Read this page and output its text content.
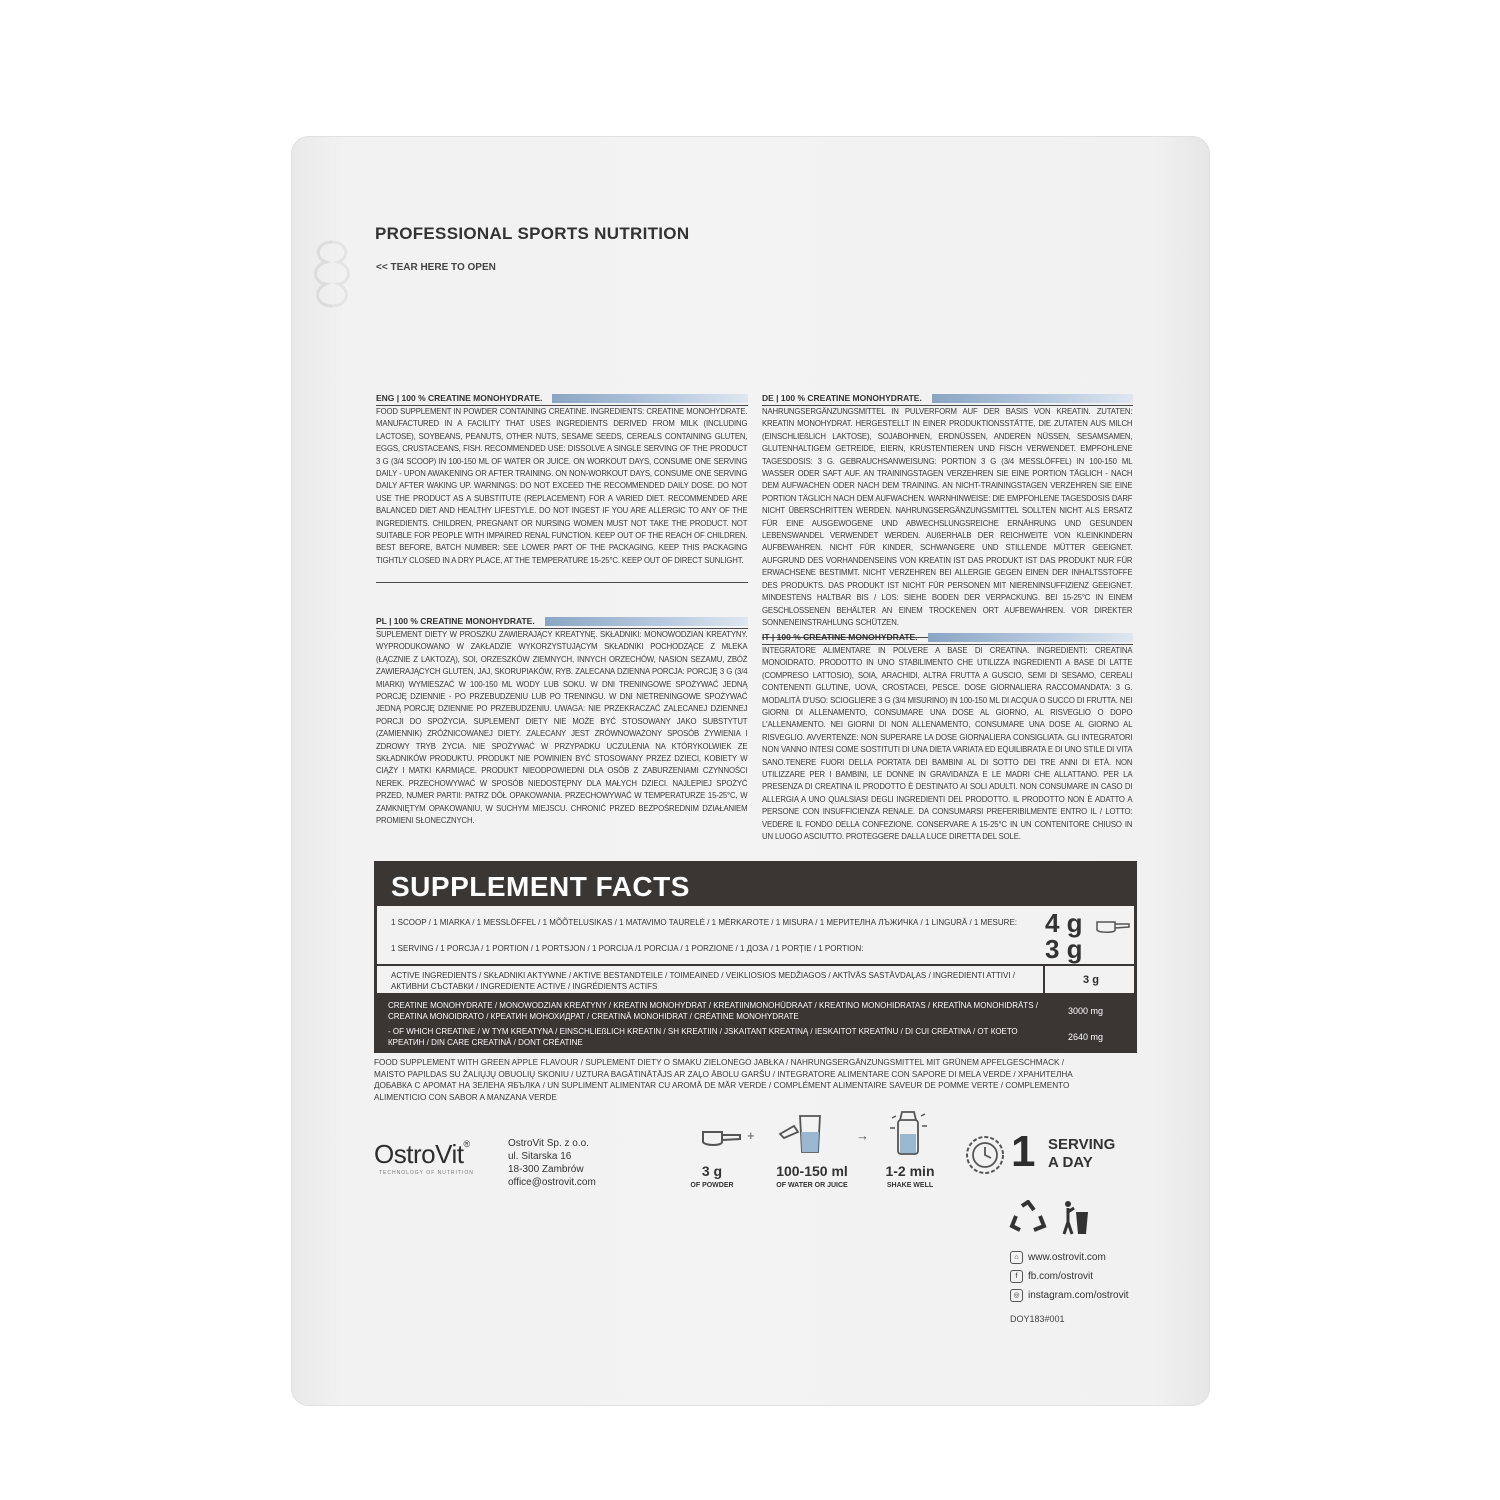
PROFESSIONAL SPORTS NUTRITION
<< TEAR HERE TO OPEN
ENG | 100 % CREATINE MONOHYDRATE.
FOOD SUPPLEMENT IN POWDER CONTAINING CREATINE. INGREDIENTS: CREATINE MONOHYDRATE. MANUFACTURED IN A FACILITY THAT USES INGREDIENTS DERIVED FROM MILK (INCLUDING LACTOSE), SOYBEANS, PEANUTS, OTHER NUTS, SESAME SEEDS, CEREALS CONTAINING GLUTEN, EGGS, CRUSTACEANS, FISH. RECOMMENDED USE: DISSOLVE A SINGLE SERVING OF THE PRODUCT 3 G (3/4 SCOOP) IN 100-150 ML OF WATER OR JUICE. ON WORKOUT DAYS, CONSUME ONE SERVING DAILY - UPON AWAKENING OR AFTER TRAINING. ON NON-WORKOUT DAYS, CONSUME ONE SERVING DAILY AFTER WAKING UP. WARNINGS: DO NOT EXCEED THE RECOMMENDED DAILY DOSE. DO NOT USE THE PRODUCT AS A SUBSTITUTE (REPLACEMENT) FOR A VARIED DIET. RECOMMENDED ARE BALANCED DIET AND HEALTHY LIFESTYLE. DO NOT INGEST IF YOU ARE ALLERGIC TO ANY OF THE INGREDIENTS. CHILDREN, PREGNANT OR NURSING WOMEN MUST NOT TAKE THE PRODUCT. NOT SUITABLE FOR PEOPLE WITH IMPAIRED RENAL FUNCTION. KEEP OUT OF THE REACH OF CHILDREN. BEST BEFORE, BATCH NUMBER: SEE LOWER PART OF THE PACKAGING. KEEP THIS PACKAGING TIGHTLY CLOSED IN A DRY PLACE, AT THE TEMPERATURE 15-25°C. KEEP OUT OF DIRECT SUNLIGHT.
DE | 100 % CREATINE MONOHYDRATE.
NAHRUNGSERGÄNZUNGSMITTEL IN PULVERFORM AUF DER BASIS VON KREATIN. ZUTATEN: KREATIN MONOHYDRAT. HERGESTELLT IN EINER PRODUKTIONSSTÄTTE, DIE ZUTATEN AUS MILCH (EINSCHLIEßLICH LAKTOSE), SOJABOHNEN, ERDNÜSSEN, ANDEREN NÜSSEN, SESAMSAMEN, GLUTENHALTIGEM GETREIDE, EIERN, KRUSTENTIEREN UND FISCH VERWENDET. EMPFOHLENE TAGESDOSIS: 3 G. GEBRAUCHSANWEISUNG: PORTION 3 G (3/4 MESSLÖFFEL) IN 100-150 ML WASSER ODER SAFT AUF. AN TRAININGSTAGEN VERZEHREN SIE EINE PORTION TÄGLICH - NACH DEM AUFWACHEN ODER NACH DEM TRAINING. AN NICHT-TRAININGSTAGEN VERZEHREN SIE EINE PORTION TÄGLICH NACH DEM AUFWACHEN. WARNHINWEISE: DIE EMPFOHLENE TAGESDOSIS DARF NICHT ÜBERSCHRITTEN WERDEN. NAHRUNGSERGÄNZUNGSMITTEL SOLLTEN NICHT ALS ERSATZ FÜR EINE AUSGEWOGENE UND ABWECHSLUNGSREICHE ERNÄHRUNG UND GESUNDEN LEBENSWANDEL VERWENDET WERDEN. AUßERHALB DER REICHWEITE VON KLEINKINDERN AUFBEWAHREN. NICHT FÜR KINDER, SCHWANGERE UND STILLENDE MÜTTER GEEIGNET. AUFGRUND DES VORHANDENSEINS VON KREATIN IST DAS PRODUKT IST DAS PRODUKT NUR FÜR ERWACHSENE BESTIMMT. NICHT VERZEHREN BEI ALLERGIE GEGEN EINEN DER INHALTSSTOFFE DES PRODUKTS. DAS PRODUKT IST NICHT FÜR PERSONEN MIT NIERENINSUFFIZIENZ GEEIGNET. MINDESTENS HALTBAR BIS / LOS: SIEHE BODEN DER VERPACKUNG. BEI 15-25°C IN EINEM GESCHLOSSENEN BEHÄLTER AN EINEM TROCKENEN ORT AUFBEWAHREN. VOR DIREKTER SONNENEINSTRAHLUNG SCHÜTZEN.
PL | 100 % CREATINE MONOHYDRATE.
SUPLEMENT DIETY W PROSZKU ZAWIERAJĄCY KREATYNĘ. SKŁADNIKI: MONOWODZIAN KREATYNY. WYPRODUKOWANO W ZAKŁADZIE WYKORZYSTUJĄCYM SKŁADNIKI POCHODZĄCE Z MLEKA (ŁĄCZNIE Z LAKTOZĄ), SOI, ORZESZKÓW ZIEMNYCH, INNYCH ORZECHÓW, NASION SEZAMU, ZBÓŻ ZAWIERAJĄCYCH GLUTEN, JAJ, SKORUPIAKÓW, RYB. ZALECANA DZIENNA PORCJA: PORCJĘ 3 G (3/4 MIARKI) WYMIESZAĆ W 100-150 ML WODY LUB SOKU. W DNI TRENINGOWE SPOŻYWAĆ JEDNĄ PORCJĘ DZIENNIE - PO PRZEBUDZENIU LUB PO TRENINGU. W DNI NIETRENINGOWE SPOŻYWAĆ JEDNĄ PORCJĘ DZIENNIE PO PRZEBUDZENIU. UWAGA: NIE PRZEKRACZAĆ ZALECANEJ DZIENNEJ PORCJI DO SPOŻYCIA. SUPLEMENT DIETY NIE MOŻE BYĆ STOSOWANY JAKO SUBSTYTUT (ZAMIENNIK) ZRÓŻNICOWANEJ DIETY. ZALECANY JEST ZRÓWNOWAŻONY SPOSÓB ŻYWIENIA I ZDROWY TRYB ŻYCIA. NIE SPOŻYWAĆ W PRZYPADKU UCZULENIA NA KTÓRYKOLWIEK ZE SKŁADNIKÓW PRODUKTU. PRODUKT NIE POWINIEN BYĆ STOSOWANY PRZEZ DZIECI, KOBIETY W CIĄŻY I MATKI KARMIĄCE. PRODUKT NIEODPOWIEDNI DLA OSÓB Z ZABURZENIAMI CZYNNOŚCI NEREK. PRZECHOWYWAĆ W SPOSÓB NIEDOSTĘPNY DLA MAŁYCH DZIECI. NAJLEPIEJ SPOŻYĆ PRZED, NUMER PARTII: PATRZ DÓŁ OPAKOWANIA. PRZECHOWYWAĆ W TEMPERATURZE 15-25°C, W ZAMKNIĘTYM OPAKOWANIU, W SUCHYM MIEJSCU. CHRONIĆ PRZED BEZPOŚREDNIM DZIAŁANIEM PROMIENI SŁONECZNYCH.
IT | 100 % CREATINE MONOHYDRATE.
INTEGRATORE ALIMENTARE IN POLVERE A BASE DI CREATINA. INGREDIENTI: CREATINA MONOIDRATO. PRODOTTO IN UNO STABILIMENTO CHE UTILIZZA INGREDIENTI A BASE DI LATTE (COMPRESO LATTOSIO), SOIA, ARACHIDI, ALTRA FRUTTA A GUSCIO, SEMI DI SESAMO, CEREALI CONTENENTI GLUTINE, UOVA, CROSTACEI, PESCE. DOSE GIORNALIERA RACCOMANDATA: 3 G. MODALITÀ D'USO: SCIOGLIERE 3 G (3/4 MISURINO) IN 100-150 ML DI ACQUA O SUCCO DI FRUTTA. NEI GIORNI DI ALLENAMENTO, CONSUMARE UNA DOSE AL GIORNO, AL RISVEGLIO O DOPO L'ALLENAMENTO. NEI GIORNI DI NON ALLENAMENTO, CONSUMARE UNA DOSE AL GIORNO AL RISVEGLIO. AVVERTENZE: NON SUPERARE LA DOSE GIORNALIERA CONSIGLIATA. GLI INTEGRATORI NON VANNO INTESI COME SOSTITUTI DI UNA DIETA VARIATA ED EQUILIBRATA E DI UNO STILE DI VITA SANO.TENERE FUORI DELLA PORTATA DEI BAMBINI AL DI SOTTO DEI TRE ANNI DI ETÀ. NON UTILIZZARE PER I BAMBINI, LE DONNE IN GRAVIDANZA E LE MADRI CHE ALLATTANO. PER LA PRESENZA DI CREATINA IL PRODOTTO È DESTINATO AI SOLI ADULTI. NON CONSUMARE IN CASO DI ALLERGIA A UNO QUALSIASI DEGLI INGREDIENTI DEL PRODOTTO. IL PRODOTTO NON È ADATTO A PERSONE CON INSUFFICIENZA RENALE. DA CONSUMARSI PREFERIBILMENTE ENTRO IL / LOTTO: VEDERE IL FONDO DELLA CONFEZIONE. CONSERVARE A 15-25°C IN UN CONTENITORE CHIUSO IN UN LUOGO ASCIUTTO. PROTEGGERE DALLA LUCE DIRETTA DEL SOLE.
SUPPLEMENT FACTS
1 SCOOP / 1 MIARKA / 1 MESSLÖFFEL / 1 MÕÕTELUSIKAS / 1 MATAVIMO TAURELĖ / 1 MĒRKAROTE / 1 MISURA / 1 МЕРИТЕЛНА ЛЪЖИЧКА / 1 LINGURĂ / 1 MESURE:
1 SERVING / 1 PORCJA / 1 PORTION / 1 PORTSJON / 1 PORCIJA /1 PORCIJA / 1 PORZIONE / 1 ДОЗА / 1 PORȚIE / 1 PORTION:
4 g
3 g
ACTIVE INGREDIENTS / SKŁADNIKI AKTYWNE / AKTIVE BESTANDTEILE / TOIMEAINED / VEIKLIOSIOS MEDŽIAGOS / AKTĪVĀS SASTĀVDAĻAS / INGREDIENTI ATTIVI / АКТИВНИ СЪСТАВКИ / INGREDIENTE ACTIVE / INGRÉDIENTS ACTIFS
3 g
CREATINE MONOHYDRATE / MONOWODZIAN KREATYNY / KREATIN MONOHYDRAT / KREATIINMONOHÜDRAAT / KREATINO MONOHIDRATAS / KREATĪNA MONOHIDRĀTS / CREATINA MONOIDRATO / КРЕАТИН МОНОХИДРАТ / CREATINĂ MONOHIDRAT / CRÉATINE MONOHYDRATE
3000 mg
- OF WHICH CREATINE / W TYM KREATYNA / EINSCHLIEßLICH KREATIN / SH KREATIIN / JSKAITANT KREATINĄ / IESKAITOT KREATĪNU / DI CUI CREATINA / ОТ КОЕТО КРЕАТИН / DIN CARE CREATINĂ / DONT CRÉATINE
2640 mg
FOOD SUPPLEMENT WITH GREEN APPLE FLAVOUR / SUPLEMENT DIETY O SMAKU ZIELONEGO JABŁKA / NAHRUNGSERGÄNZUNGSMITTEL MIT GRÜNEM APFELGESCHMACK / MAISTO PAPILDAS SU ŽALIŲJŲ OBUOLIŲ SKONIU / UZTURA BAGĀTINĀTĀJS AR ZAĻO ĀBOLU GARŠU / INTEGRATORE ALIMENTARE CON SAPORE DI MELA VERDE / ХРАНИТЕЛНА ДОБАВКА С АРОМАТ НА ЗЕЛЕНА ЯБЪЛКА / UN SUPLIMENT ALIMENTAR CU AROMĂ DE MĂR VERDE / COMPLÉMENT ALIMENTAIRE SAVEUR DE POMME VERTE / COMPLEMENTO ALIMENTICIO CON SABOR A MANZANA VERDE
OstroVit®
TECHNOLOGY OF NUTRITION
OstroVit Sp. z o.o.
ul. Sitarska 16
18-300 Zambrów
office@ostrovit.com
+	→
3 g
OF POWDER
100-150 ml
OF WATER OR JUICE
1-2 min
SHAKE WELL
1 SERVING
A DAY
⌂ www.ostrovit.com
f	fb.com/ostrovit
◎ instagram.com/ostrovit
DOY183#001
